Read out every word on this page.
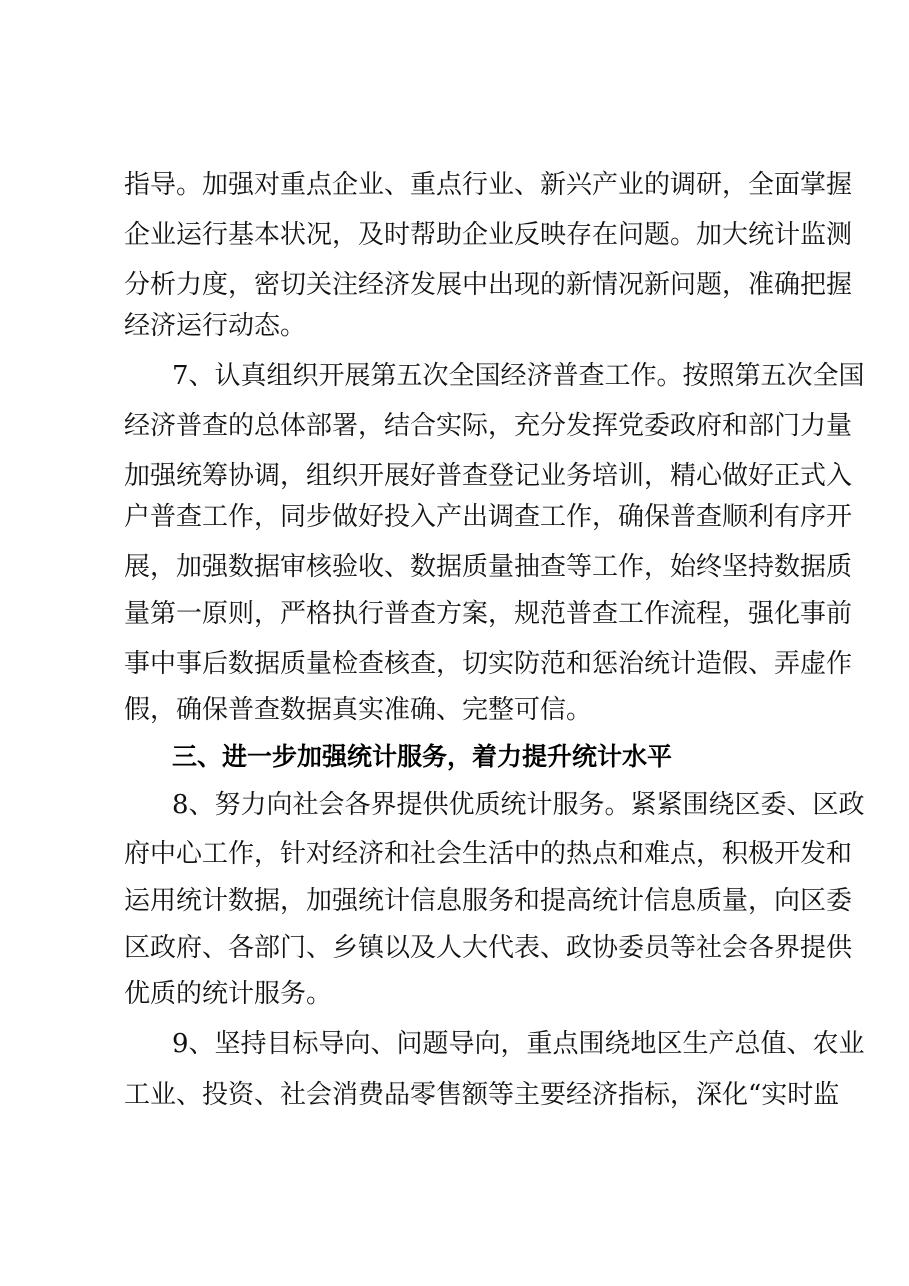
指导。加强对重点企业、重点行业、新兴产业的调研，全面掌握
企业运行基本状况，及时帮助企业反映存在问题。加大统计监测
分析力度，密切关注经济发展中出现的新情况新问题，准确把握
经济运行动态。
7、认真组织开展第五次全国经济普查工作。按照第五次全国
经济普查的总体部署，结合实际，充分发挥党委政府和部门力量
加强统筹协调，组织开展好普查登记业务培训，精心做好正式入
户普查工作，同步做好投入产出调查工作，确保普查顺利有序开
展，加强数据审核验收、数据质量抽查等工作，始终坚持数据质
量第一原则，严格执行普查方案，规范普查工作流程，强化事前
事中事后数据质量检查核查，切实防范和惩治统计造假、弄虚作
假，确保普查数据真实准确、完整可信。
三、进一步加强统计服务，着力提升统计水平
8、努力向社会各界提供优质统计服务。紧紧围绕区委、区政
府中心工作，针对经济和社会生活中的热点和难点，积极开发和
运用统计数据，加强统计信息服务和提高统计信息质量，向区委
区政府、各部门、乡镇以及人大代表、政协委员等社会各界提供
优质的统计服务。
9、坚持目标导向、问题导向，重点围绕地区生产总值、农业
工业、投资、社会消费品零售额等主要经济指标，深化“实时监
